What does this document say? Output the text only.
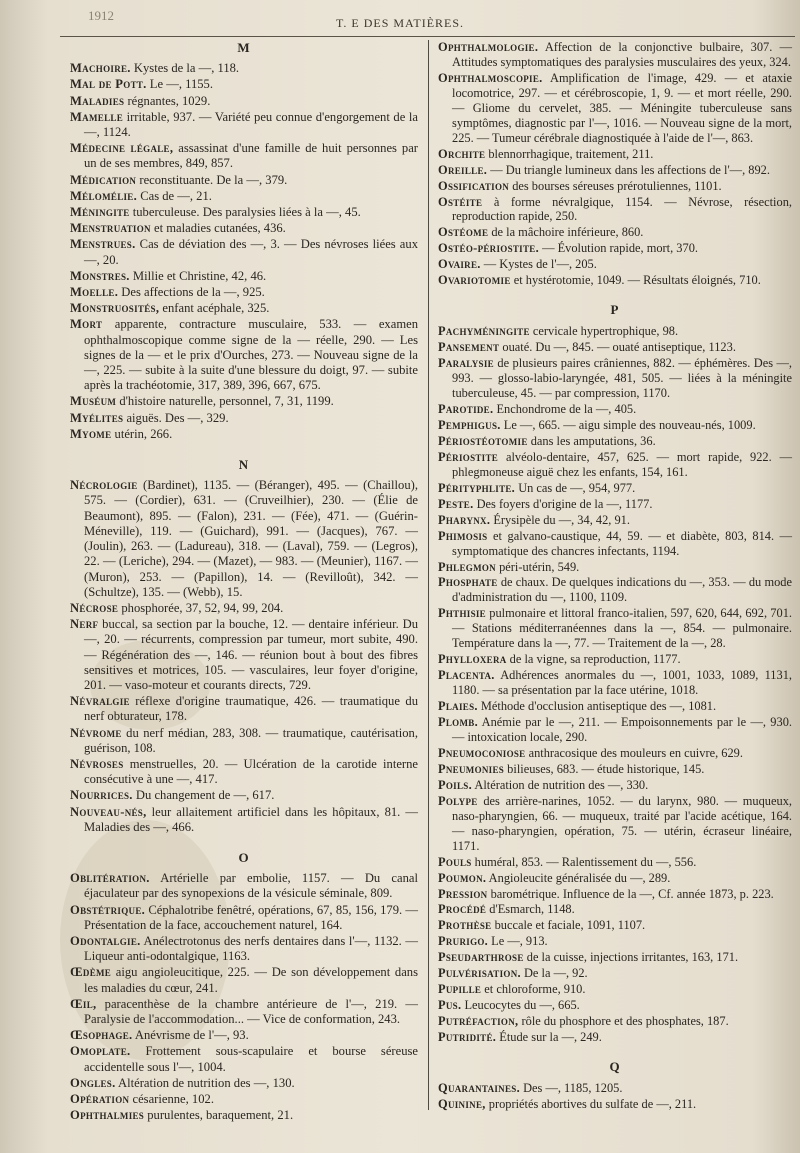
1912	T. E DES MATIÈRES.
M
Machoire. Kystes de la —, 118.
Mal de Pott. Le —, 1155.
Maladies régnantes, 1029.
Mamelle irritable, 937. — Variété peu connue d'engorgement de la —, 1124.
Médecine légale, assassinat d'une famille de huit personnes par un de ses membres, 849, 857.
Médication reconstituante. De la —, 379.
Mélomélie. Cas de —, 21.
Méningite tuberculeuse. Des paralysies liées à la —, 45.
Menstruation et maladies cutanées, 436.
Menstrues. Cas de déviation des —, 3. — Des névroses liées aux —, 20.
Monstres. Millie et Christine, 42, 46.
Moelle. Des affections de la —, 925.
Monstruosités, enfant acéphale, 325.
Mort apparente, contracture musculaire, 533. — examen ophthalmoscopique comme signe de la — réelle, 290. — Les signes de la — et le prix d'Ourches, 273. — Nouveau signe de la —, 225. — subite à la suite d'une blessure du doigt, 97. — subite après la trachéotomie, 317, 389, 396, 667, 675.
Muséum d'histoire naturelle, personnel, 7, 31, 1199.
Myélites aiguës. Des —, 329.
Myome utérin, 266.
N
Nécrologie (Bardinet), 1135. — (Béranger), 495. — (Chaillou), 575. — (Cordier), 631. — (Cruveilhier), 230. — (Élie de Beaumont), 895. — (Falon), 231. — (Fée), 471. — (Guérin-Méneville), 119. — (Guichard), 991. — (Jacques), 767. — (Joulin), 263. — (Ladureau), 318. — (Laval), 759. — (Legros), 22. — (Leriche), 294. — (Mazet), — 983. — (Meunier), 1167. — (Muron), 253. — (Papillon), 14. — (Revilloût), 342. — (Schultze), 135. — (Webb), 15.
Nécrose phosphorée, 37, 52, 94, 99, 204.
Nerf buccal, sa section par la bouche, 12. — dentaire inférieur. Du —, 20. — récurrents, compression par tumeur, mort subite, 490. — Régénération des —, 146. — réunion bout à bout des fibres sensitives et motrices, 105. — vasculaires, leur foyer d'origine, 201. — vaso-moteur et courants directs, 729.
Névralgie réflexe d'origine traumatique, 426. — traumatique du nerf obturateur, 178.
Névrome du nerf médian, 283, 308. — traumatique, cautérisation, guérison, 108.
Névroses menstruelles, 20. — Ulcération de la carotide interne consécutive à une —, 417.
Nourrices. Du changement de —, 617.
Nouveau-nés, leur allaitement artificiel dans les hôpitaux, 81. — Maladies des —, 466.
O
Oblitération. Artérielle par embolie, 1157. — Du canal éjaculateur par des synopexions de la vésicule séminale, 809.
Obstétrique. Céphalotribe fenêtré, opérations, 67, 85, 156, 179. — Présentation de la face, accouchement naturel, 164.
Odontalgie. Anélectrotonus des nerfs dentaires dans l'—, 1132. — Liqueur anti-odontalgique, 1163.
Œdème aigu angioleucitique, 225. — De son développement dans les maladies du cœur, 241.
Œil, paracenthèse de la chambre antérieure de l'—, 219. — Paralysie de l'accommodation... — Vice de conformation, 243.
Œsophage. Anévrisme de l'—, 93.
Omoplate. Frottement sous-scapulaire et bourse séreuse accidentelle sous l'—, 1004.
Ongles. Altération de nutrition des —, 130.
Opération césarienne, 102.
Ophthalmies purulentes, baraquement, 21.
Ophthalmologie. Affection de la conjonctive bulbaire, 307. — Attitudes symptomatiques des paralysies musculaires des yeux, 324.
Ophthalmoscopie. Amplification de l'image, 429. — et ataxie locomotrice, 297. — et cérébroscopie, 1, 9. — et mort réelle, 290. — Gliome du cervelet, 385. — Méningite tuberculeuse sans symptômes, diagnostic par l'—, 1016. — Nouveau signe de la mort, 225. — Tumeur cérébrale diagnostiquée à l'aide de l'—, 863.
Orchite blennorrhagique, traitement, 211.
Oreille. — Du triangle lumineux dans les affections de l'—, 892.
Ossification des bourses séreuses prérotuliennes, 1101.
Ostéite à forme névralgique, 1154. — Névrose, résection, reproduction rapide, 250.
Ostéome de la mâchoire inférieure, 860.
Ostéo-périostite. — Évolution rapide, mort, 370.
Ovaire. — Kystes de l'—, 205.
Ovariotomie et hystérotomie, 1049. — Résultats éloignés, 710.
P
Pachyméningite cervicale hypertrophique, 98.
Pansement ouaté. Du —, 845. — ouaté antiseptique, 1123.
Paralysie de plusieurs paires crâniennes, 882. — éphémères. Des —, 993. — glosso-labio-laryngée, 481, 505. — liées à la méningite tuberculeuse, 45. — par compression, 1170.
Parotide. Enchondrome de la —, 405.
Pemphigus. Le —, 665. — aigu simple des nouveau-nés, 1009.
Périostéotomie dans les amputations, 36.
Périostite alvéolo-dentaire, 457, 625. — mort rapide, 922. — phlegmoneuse aiguë chez les enfants, 154, 161.
Pérityphlite. Un cas de —, 954, 977.
Peste. Des foyers d'origine de la —, 1177.
Pharynx. Érysipèle du —, 34, 42, 91.
Phimosis et galvano-caustique, 44, 59. — et diabète, 803, 814. — symptomatique des chancres infectants, 1194.
Phlegmon péri-utérin, 549.
Phosphate de chaux. De quelques indications du —, 353. — du mode d'administration du —, 1100, 1109.
Phthisie pulmonaire et littoral franco-italien, 597, 620, 644, 692, 701. — Stations méditerranéennes dans la —, 854. — pulmonaire. Température dans la —, 77. — Traitement de la —, 28.
Phylloxera de la vigne, sa reproduction, 1177.
Placenta. Adhérences anormales du —, 1001, 1033, 1089, 1131, 1180. — sa présentation par la face utérine, 1018.
Plaies. Méthode d'occlusion antiseptique des —, 1081.
Plomb. Anémie par le —, 211. — Empoisonnements par le —, 930. — intoxication locale, 290.
Pneumoconiose anthracosique des mouleurs en cuivre, 629.
Pneumonies bilieuses, 683. — étude historique, 145.
Poils. Altération de nutrition des —, 330.
Polype des arrière-narines, 1052. — du larynx, 980. — muqueux, naso-pharyngien, 66. — muqueux, traité par l'acide acétique, 164. — naso-pharyngien, opération, 75. — utérin, écraseur linéaire, 1171.
Pouls huméral, 853. — Ralentissement du —, 556.
Poumon. Angioleucite généralisée du —, 289.
Pression barométrique. Influence de la —, Cf. année 1873, p. 223.
Procédé d'Esmarch, 1148.
Prothèse buccale et faciale, 1091, 1107.
Prurigo. Le —, 913.
Pseudarthrose de la cuisse, injections irritantes, 163, 171.
Pulvérisation. De la —, 92.
Pupille et chloroforme, 910.
Pus. Leucocytes du —, 665.
Putréfaction, rôle du phosphore et des phosphates, 187.
Putridité. Étude sur la —, 249.
Q
Quarantaines. Des —, 1185, 1205.
Quinine, propriétés abortives du sulfate de —, 211.
